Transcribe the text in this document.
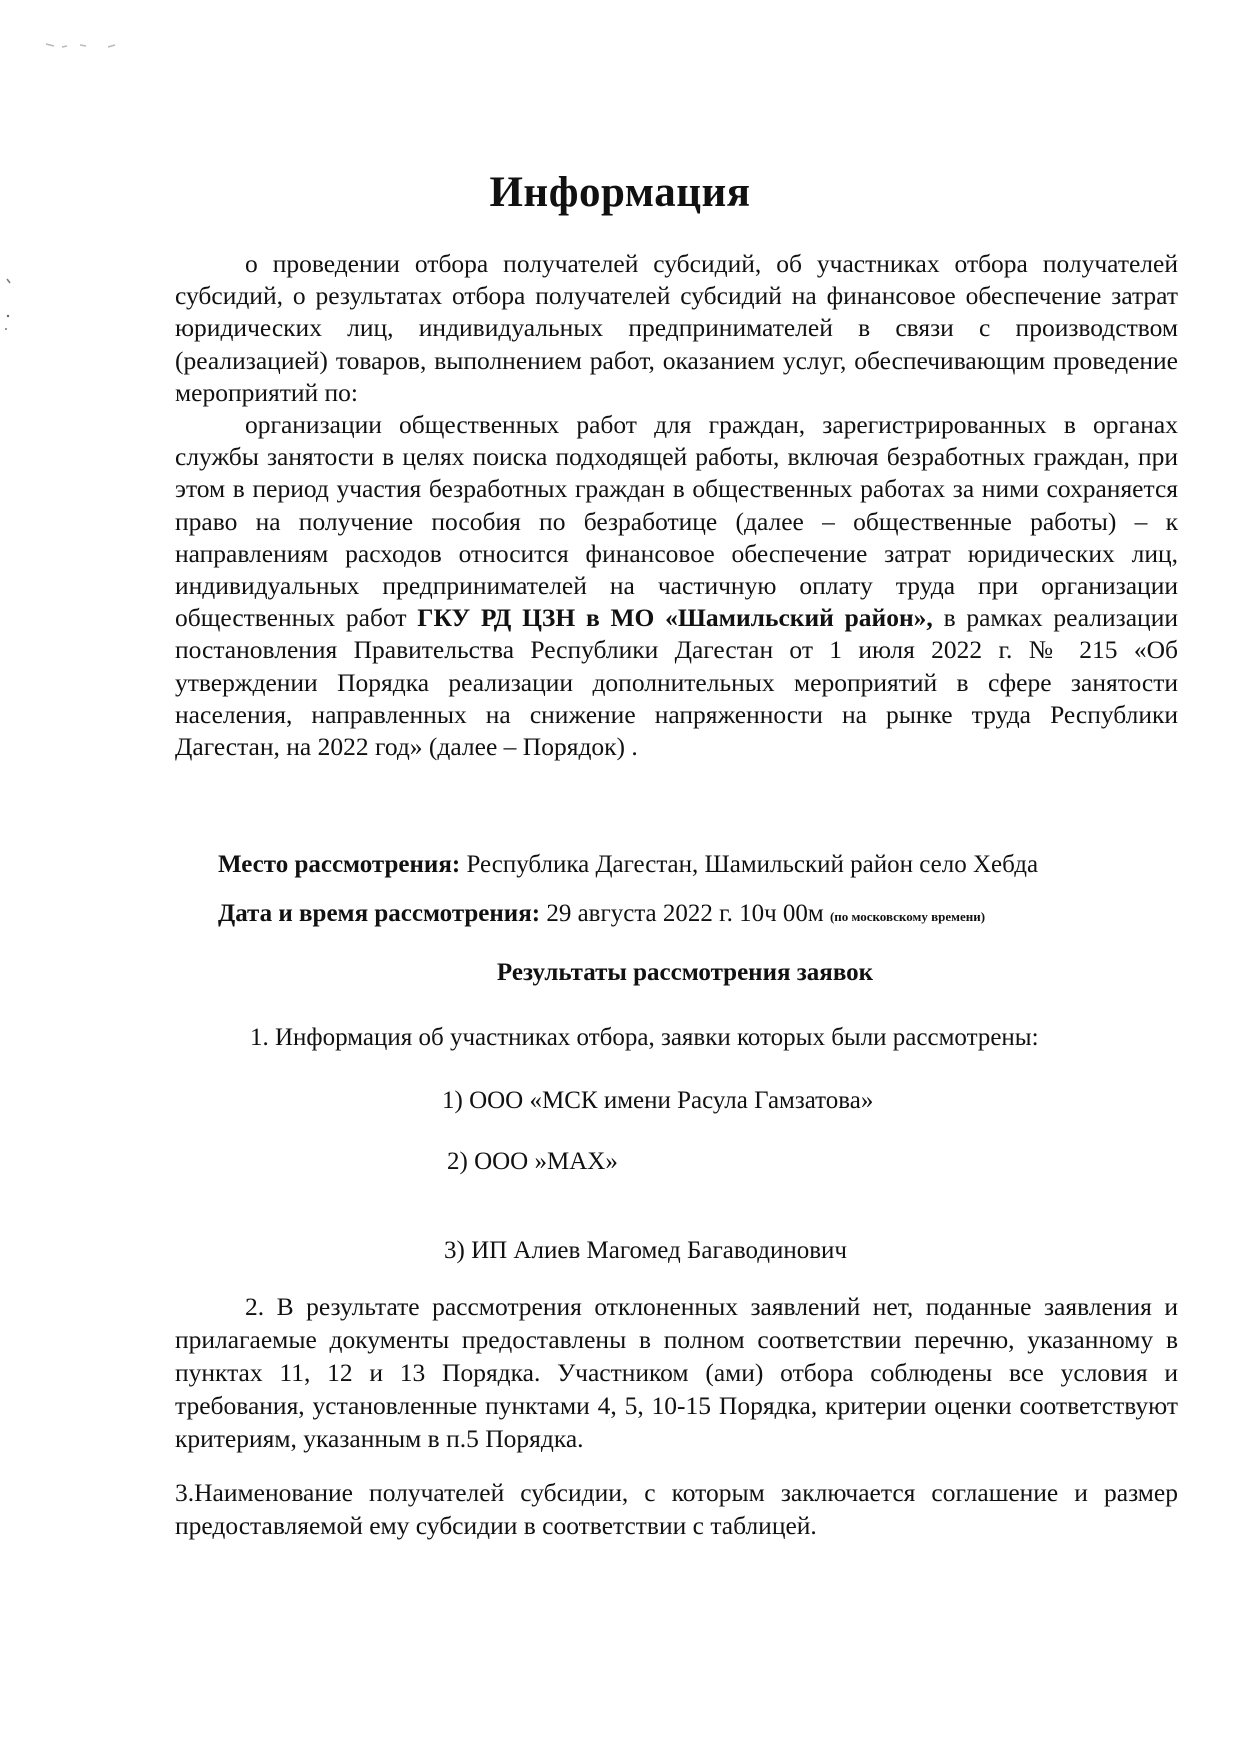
Информация

о проведении отбора получателей субсидий, об участниках отбора получателей субсидий, о результатах отбора получателей субсидий на финансовое обеспечение затрат юридических лиц, индивидуальных предпринимателей в связи с производством (реализацией) товаров, выполнением работ, оказанием услуг, обеспечивающим проведение мероприятий по:

организации общественных работ для граждан, зарегистрированных в органах службы занятости в целях поиска подходящей работы, включая безработных граждан, при этом в период участия безработных граждан в общественных работах за ними сохраняется право на получение пособия по безработице (далее – общественные работы) – к направлениям расходов относится финансовое обеспечение затрат юридических лиц, индивидуальных предпринимателей на частичную оплату труда при организации общественных работ ГКУ РД ЦЗН в МО «Шамильский район», в рамках реализации постановления Правительства Республики Дагестан от 1 июля 2022 г. № 215 «Об утверждении Порядка реализации дополнительных мероприятий в сфере занятости населения, направленных на снижение напряженности на рынке труда Республики Дагестан, на 2022 год» (далее – Порядок) .

Место рассмотрения: Республика Дагестан, Шамильский район село Хебда
Дата и время рассмотрения: 29 августа 2022 г. 10ч 00м (по московскому времени)
Результаты рассмотрения заявок
1. Информация об участниках отбора, заявки которых были рассмотрены:
1) ООО «МСК имени Расула Гамзатова»
2) ООО »МАХ»
3) ИП Алиев Магомед Багаводинович

2. В результате рассмотрения отклоненных заявлений нет, поданные заявления и прилагаемые документы предоставлены в полном соответствии перечню, указанному в пунктах 11, 12 и 13 Порядка. Участником (ами) отбора соблюдены все условия и требования, установленные пунктами 4, 5, 10-15 Порядка, критерии оценки соответствуют критериям, указанным в п.5 Порядка.

3.Наименование получателей субсидии, с которым заключается соглашение и размер предоставляемой ему субсидии в соответствии с таблицей.
